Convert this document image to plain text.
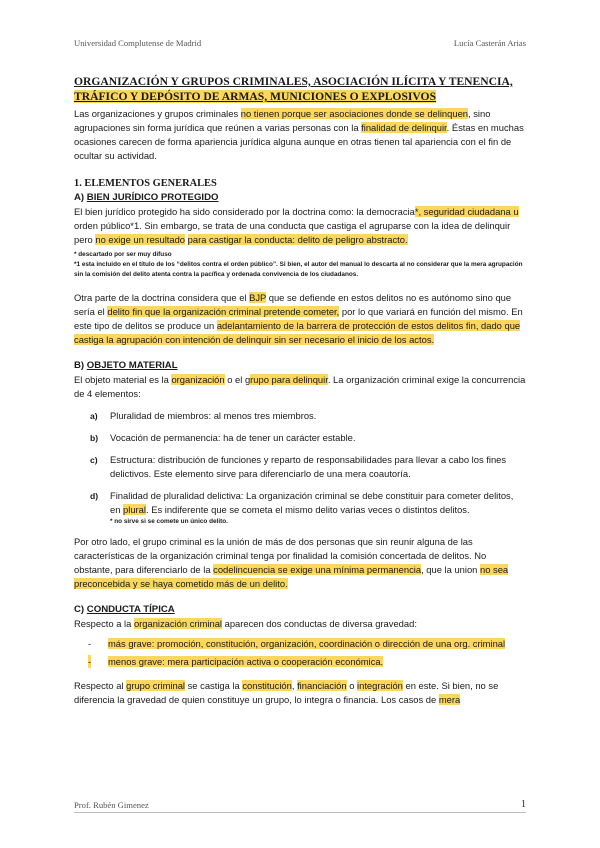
Universidad Complutense de Madrid	Lucía Casterán Arias
ORGANIZACIÓN Y GRUPOS CRIMINALES, ASOCIACIÓN ILÍCITA Y TENENCIA,
TRÁFICO Y DEPÓSITO DE ARMAS, MUNICIONES O EXPLOSIVOS

Las organizaciones y grupos criminales no tienen porque ser asociaciones donde se delinquen, sino agrupaciones sin forma jurídica que reúnen a varias personas con la finalidad de delinquir. Éstas en muchas ocasiones carecen de forma apariencia jurídica alguna aunque en otras tienen tal apariencia con el fin de ocultar su actividad.

1. ELEMENTOS GENERALES
A) BIEN JURÍDICO PROTEGIDO

El bien jurídico protegido ha sido considerado por la doctrina como: la democracia*, seguridad ciudadana u orden público*1. Sin embargo, se trata de una conducta que castiga el agruparse con la idea de delinquir pero no exige un resultado para castigar la conducta: delito de peligro abstracto.

* descartado por ser muy difuso

*1 esta incluido en el título de los “delitos contra el orden público”. Si bien, el autor del manual lo descarta al no considerar que la mera agrupación sin la comisión del delito atenta contra la pacífica y ordenada convivencia de los ciudadanos.

Otra parte de la doctrina considera que el BJP que se defiende en estos delitos no es autónomo sino que sería el delito fin que la organización criminal pretende cometer, por lo que variará en función del mismo. En este tipo de delitos se produce un adelantamiento de la barrera de protección de estos delitos fin, dado que castiga la agrupación con intención de delinquir sin ser necesario el inicio de los actos.

B) OBJETO MATERIAL

El objeto material es la organización o el grupo para delinquir. La organización criminal exige la concurrencia de 4 elementos:

a) Pluralidad de miembros: al menos tres miembros.
b) Vocación de permanencia: ha de tener un carácter estable.
c) Estructura: distribución de funciones y reparto de responsabilidades para llevar a cabo los fines delictivos. Este elemento sirve para diferenciarlo de una mera coautoría.
d) Finalidad de pluralidad delictiva: La organización criminal se debe constituir para cometer delitos, en plural. Es indiferente que se cometa el mismo delito varias veces o distintos delitos.
* no sirve si se comete un único delito.

Por otro lado, el grupo criminal es la unión de más de dos personas que sin reunir alguna de las características de la organización criminal tenga por finalidad la comisión concertada de delitos. No obstante, para diferenciarlo de la codelincuencia se exige una mínima permanencia, que la union no sea preconcebida y se haya cometido más de un delito.

C) CONDUCTA TÍPICA

Respecto a la organización criminal aparecen dos conductas de diversa gravedad:

- más grave: promoción, constitución, organización, coordinación o dirección de una org. criminal
- menos grave: mera participación activa o cooperación económica.

Respecto al grupo criminal se castiga la constitución, financiación o integración en este. Si bien, no se diferencia la gravedad de quien constituye un grupo, lo integra o financia. Los casos de mera

Prof. Rubén Gimenez	1
